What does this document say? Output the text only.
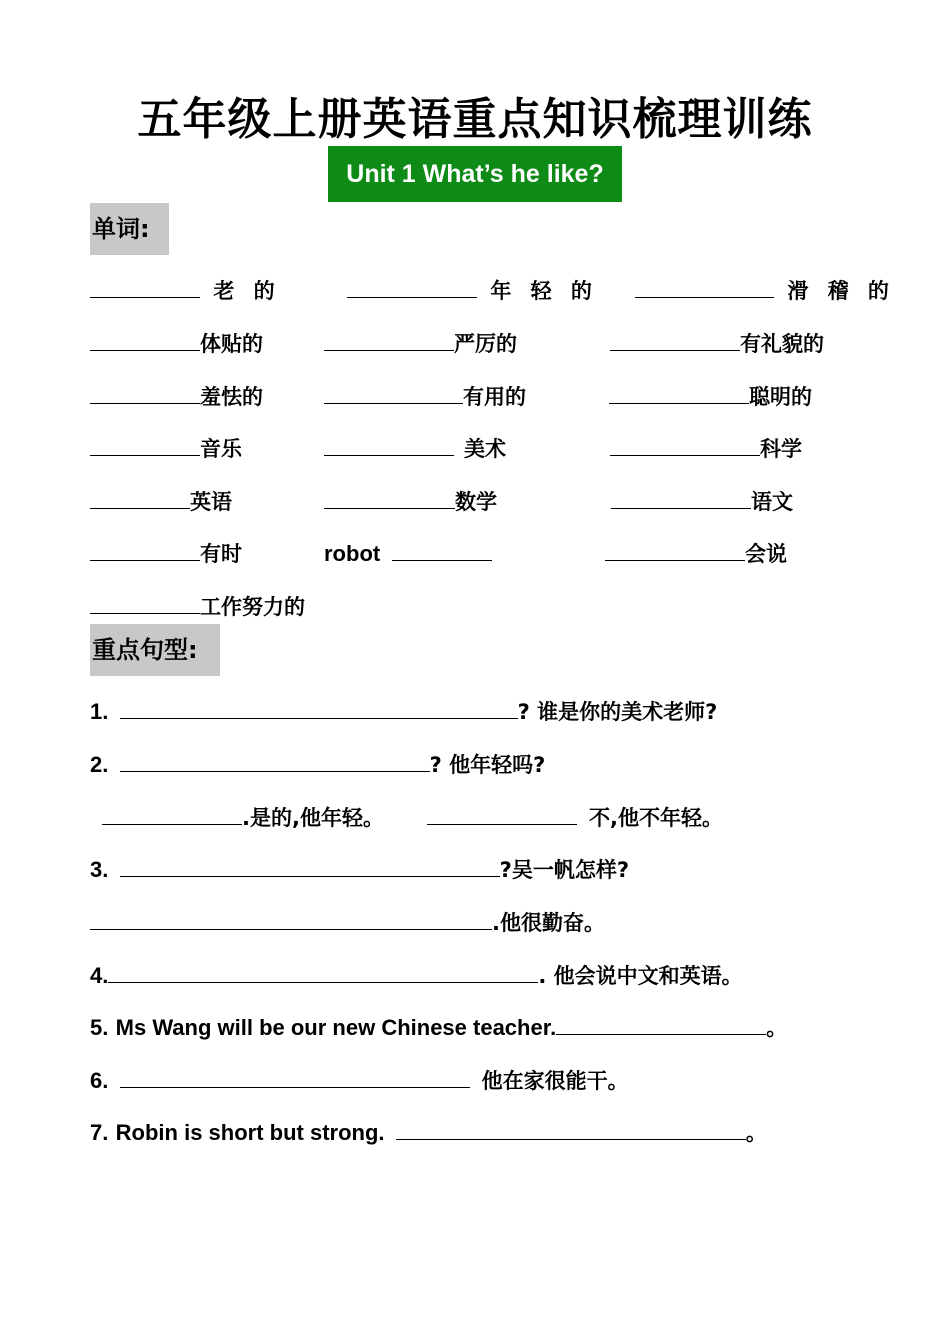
五年级上册英语重点知识梳理训练
Unit 1 What’s he like?
单词:
老 的	年 轻 的	滑 稽 的
体贴的	严厉的	有礼貌的
羞怯的	有用的	聪明的
音乐	美术	科学
英语	数学	语文
有时	robot	会说
工作努力的
重点句型:
1.	? 谁是你的美术老师?
2.	? 他年轻吗?
.是的,他年轻。	不,他不年轻。
3.	?吴一帆怎样?
.他很勤奋。
4.	. 他会说中文和英语。
5. Ms Wang will be our new Chinese teacher.	。
6.	他在家很能干。
7. Robin is short but strong.	。
